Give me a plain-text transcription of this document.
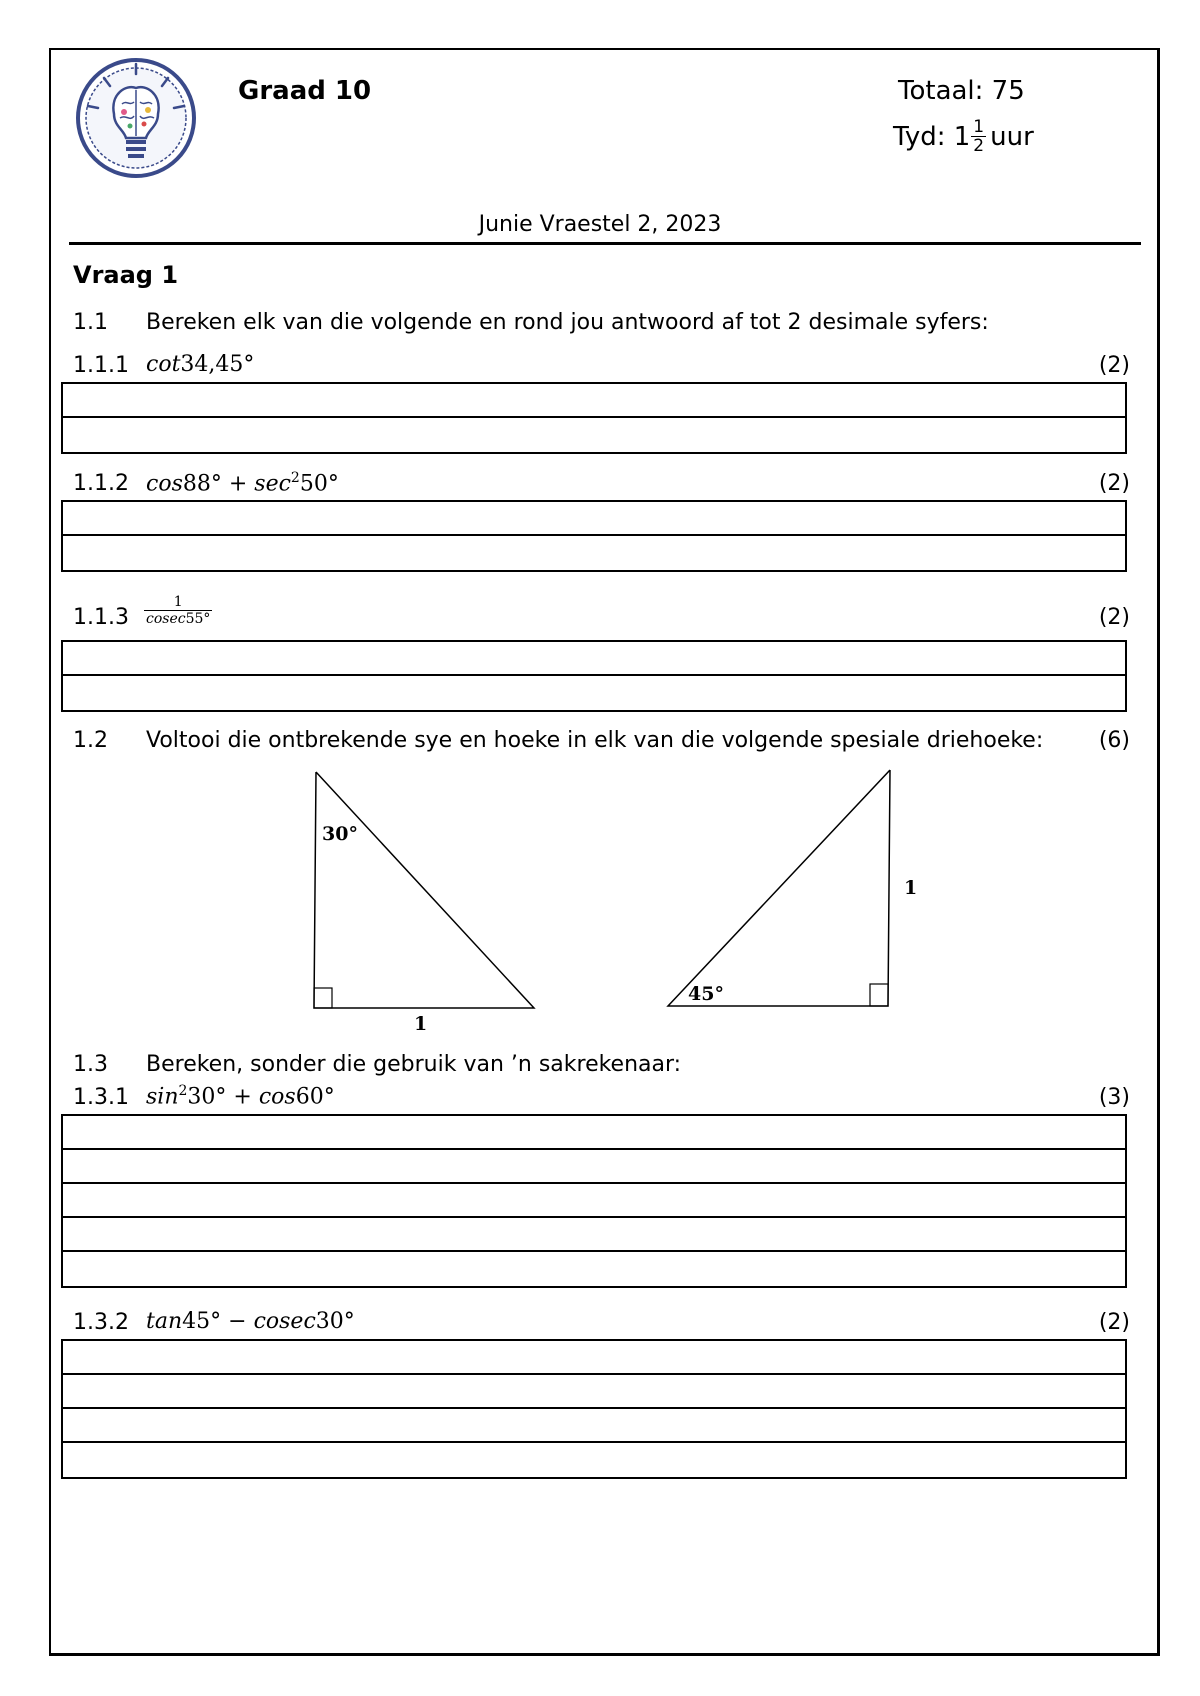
Graad 10	Totaal: 75
Tyd: $1 \frac{1}{2}$ uur
Junie Vraestel 2, 2023
Vraag 1
1.1 Bereken elk van die volgende en rond jou antwoord af tot 2 desimale syfers:
1.1.1 cot34,45°	(2)
1.1.2 $\cos 88^\circ + \sec^250^\circ$	(2)
$1.1.3 \frac{1}{cosec55^\circ}$	(2)
1.2 Voltooi die ontbrekende sye en hoeke in elk van die volgende spesiale driehoeke:	(6)
30°
1
45°
1
1.3 Bereken, sonder die gebruik van ’n sakrekenaar:
1.3.1 $\sin^230^\circ + \cos 60^\circ$	(3)
1.3.2 tan45° − cosec30°	(2)
